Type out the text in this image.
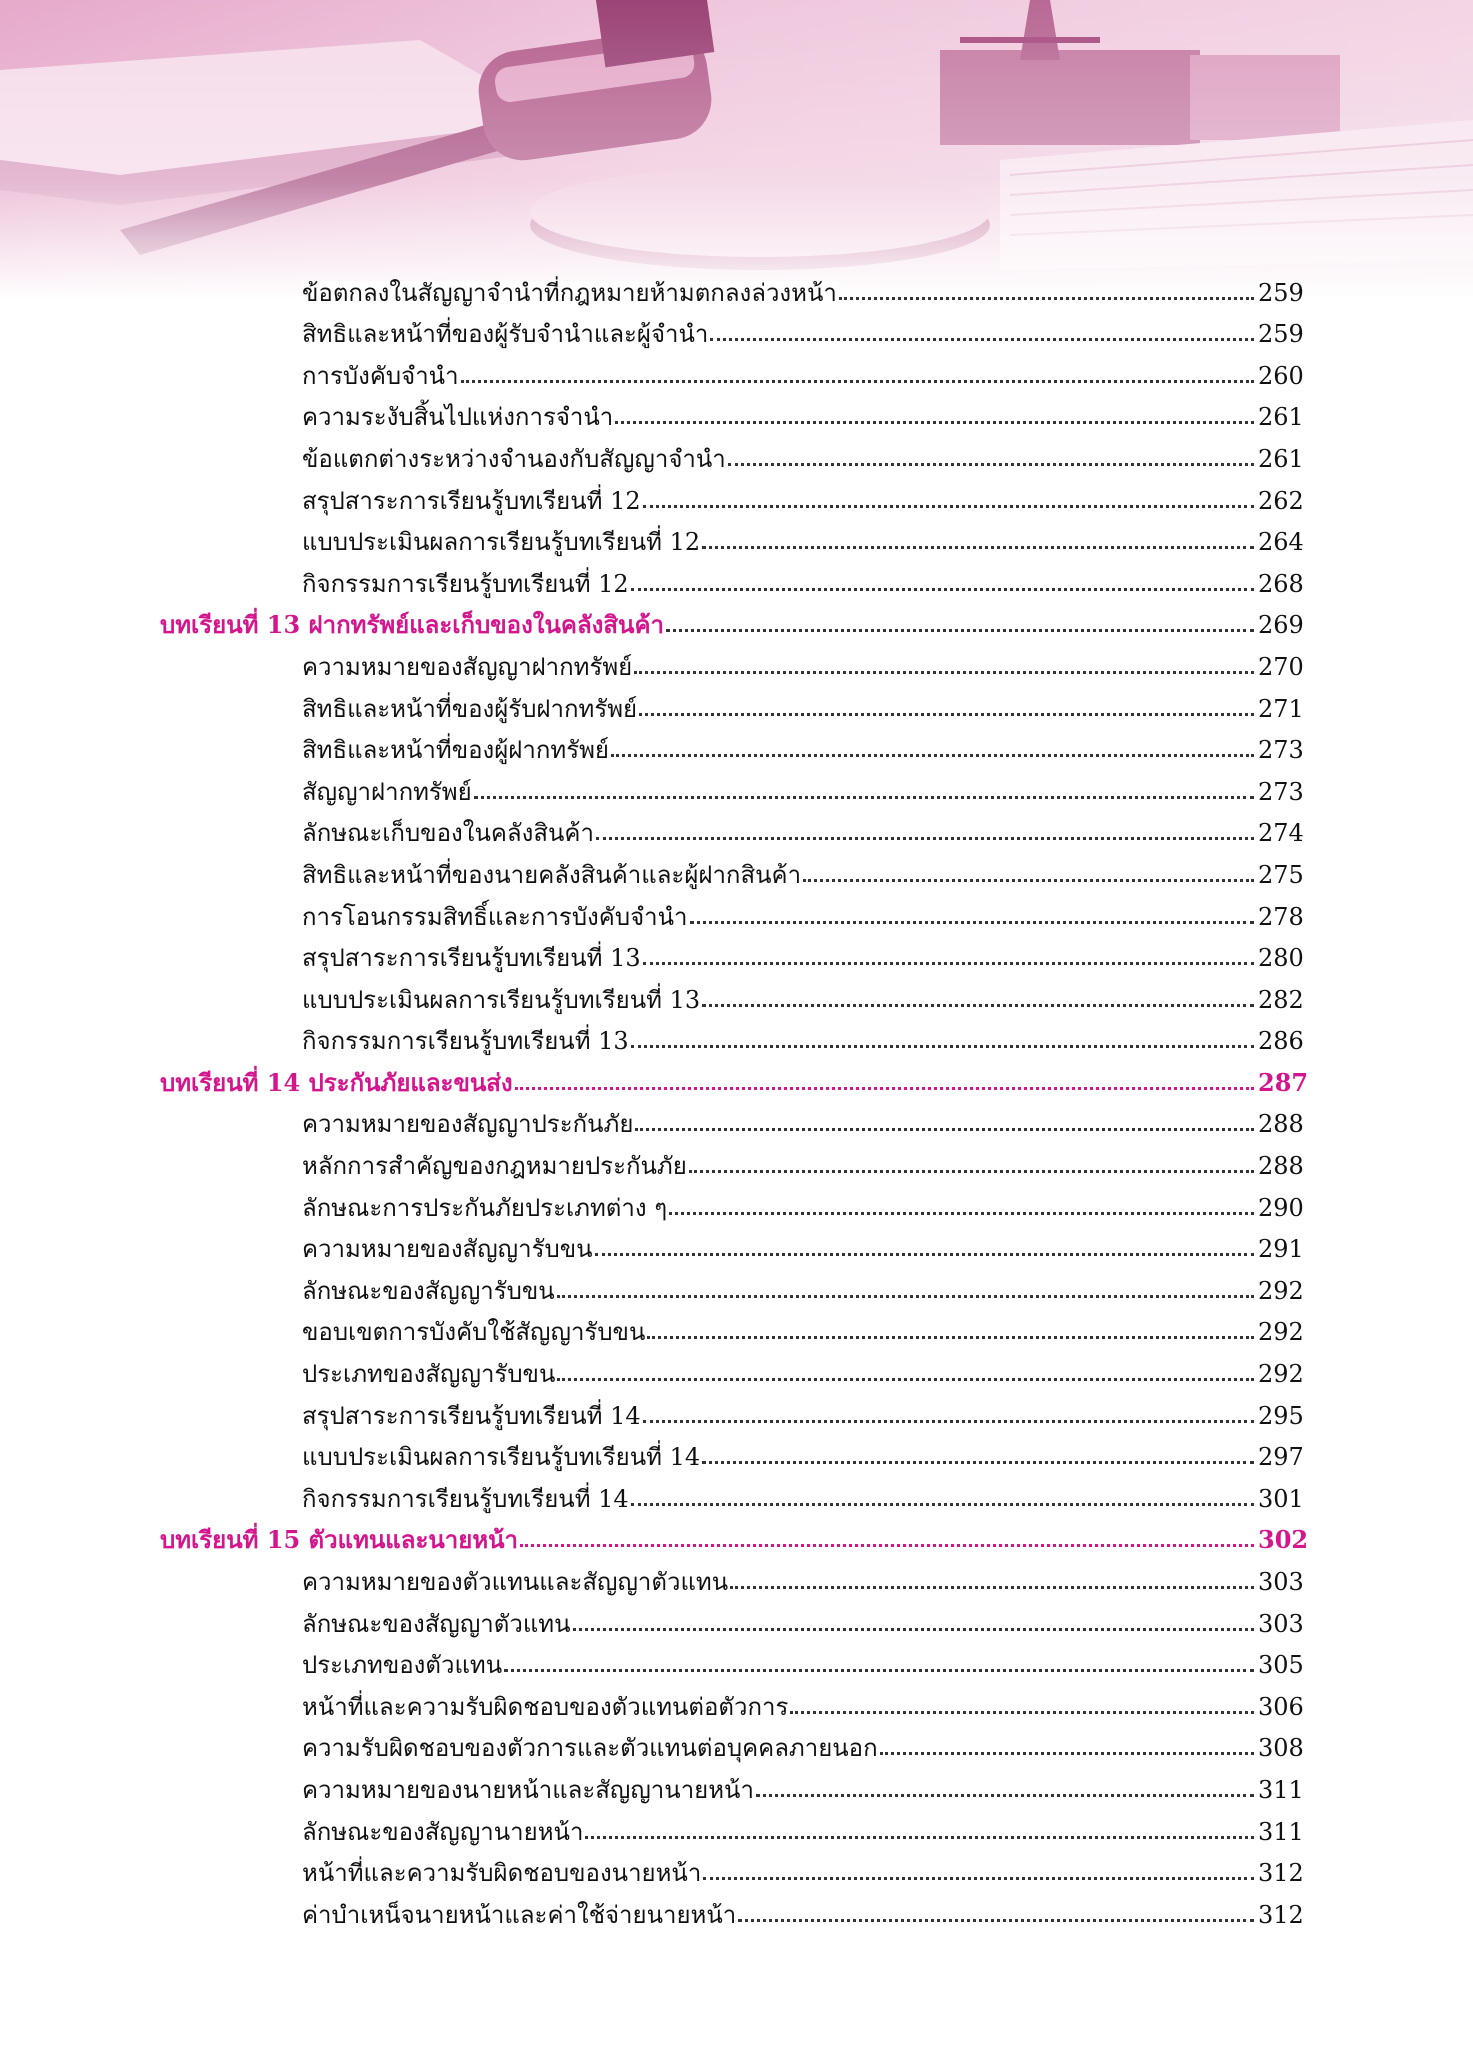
ข้อตกลงในสัญญาจำนำที่กฎหมายห้ามตกลงล่วงหน้า	259
สิทธิและหน้าที่ของผู้รับจำนำและผู้จำนำ	259
การบังคับจำนำ	260
ความระงับสิ้นไปแห่งการจำนำ	261
ข้อแตกต่างระหว่างจำนองกับสัญญาจำนำ	261
สรุปสาระการเรียนรู้บทเรียนที่ 12	262
แบบประเมินผลการเรียนรู้บทเรียนที่ 12	264
กิจกรรมการเรียนรู้บทเรียนที่ 12	268
บทเรียนที่ 13 ฝากทรัพย์และเก็บของในคลังสินค้า	269
ความหมายของสัญญาฝากทรัพย์	270
สิทธิและหน้าที่ของผู้รับฝากทรัพย์	271
สิทธิและหน้าที่ของผู้ฝากทรัพย์	273
สัญญาฝากทรัพย์	273
ลักษณะเก็บของในคลังสินค้า	274
สิทธิและหน้าที่ของนายคลังสินค้าและผู้ฝากสินค้า	275
การโอนกรรมสิทธิ์และการบังคับจำนำ	278
สรุปสาระการเรียนรู้บทเรียนที่ 13	280
แบบประเมินผลการเรียนรู้บทเรียนที่ 13	282
กิจกรรมการเรียนรู้บทเรียนที่ 13	286
บทเรียนที่ 14 ประกันภัยและขนส่ง	287
ความหมายของสัญญาประกันภัย	288
หลักการสำคัญของกฎหมายประกันภัย	288
ลักษณะการประกันภัยประเภทต่าง ๆ	290
ความหมายของสัญญารับขน	291
ลักษณะของสัญญารับขน	292
ขอบเขตการบังคับใช้สัญญารับขน	292
ประเภทของสัญญารับขน	292
สรุปสาระการเรียนรู้บทเรียนที่ 14	295
แบบประเมินผลการเรียนรู้บทเรียนที่ 14	297
กิจกรรมการเรียนรู้บทเรียนที่ 14	301
บทเรียนที่ 15 ตัวแทนและนายหน้า	302
ความหมายของตัวแทนและสัญญาตัวแทน	303
ลักษณะของสัญญาตัวแทน	303
ประเภทของตัวแทน	305
หน้าที่และความรับผิดชอบของตัวแทนต่อตัวการ	306
ความรับผิดชอบของตัวการและตัวแทนต่อบุคคลภายนอก	308
ความหมายของนายหน้าและสัญญานายหน้า	311
ลักษณะของสัญญานายหน้า	311
หน้าที่และความรับผิดชอบของนายหน้า	312
ค่าบำเหน็จนายหน้าและค่าใช้จ่ายนายหน้า	312
